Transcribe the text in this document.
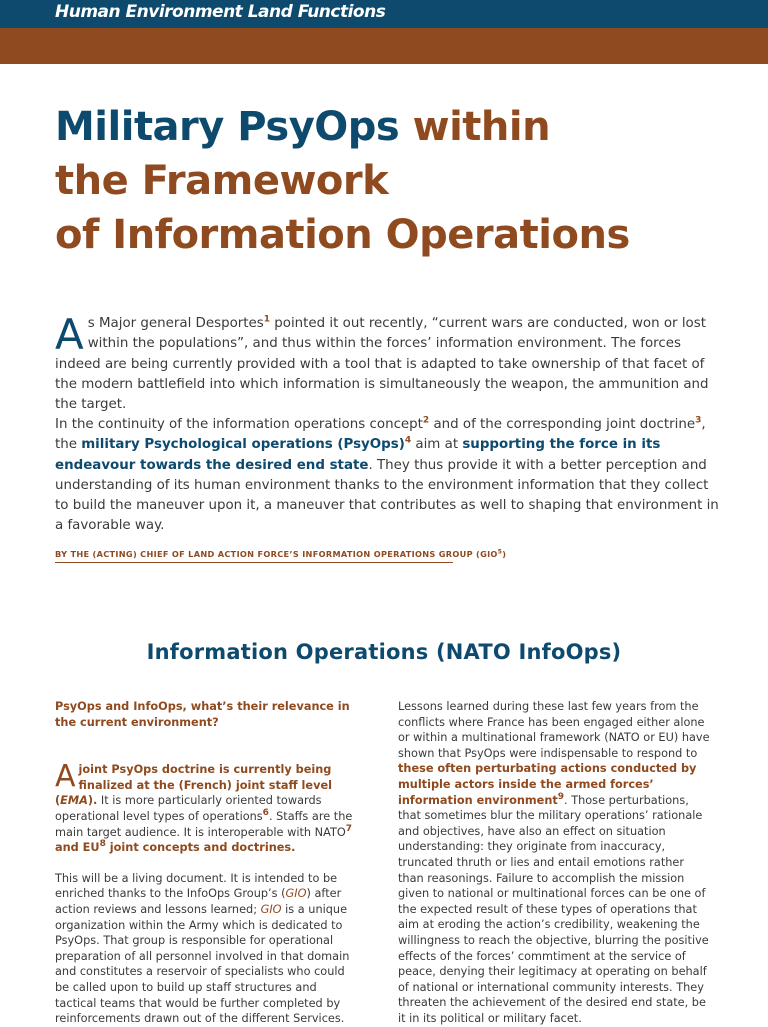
Human Environment Land Functions
Military PsyOps within
the Framework
of Information Operations

As Major general Desportes$^1$ pointed it out recently, “current wars are conducted, won or lost within the populations”, and thus within the forces’ information environment. The forces indeed are being currently provided with a tool that is adapted to take ownership of that facet of the modern battlefield into which information is simultaneously the weapon, the ammunition and the target.

In the continuity of the information operations concept$^2$ and of the corresponding joint doctrine$^3$, the military Psychological operations (PsyOps)$^4$ aim at supporting the force in its endeavour towards the desired end state. They thus provide it with a better perception and understanding of its human environment thanks to the environment information that they collect to build the maneuver upon it, a maneuver that contributes as well to shaping that environment in a favorable way.

BY THE (ACTING) CHIEF OF LAND ACTION FORCE’S INFORMATION OPERATIONS GROUP (GIO$^5$)
Information Operations (NATO InfoOps)

PsyOps and InfoOps, what’s their relevance in the current environment?

A joint PsyOps doctrine is currently being finalized at the (French) joint staff level (EMA). It is more particularly oriented towards operational level types of operations$^6$. Staffs are the main target audience. It is interoperable with NATO$^7$ and $EU^8$ joint concepts and doctrines.

This will be a living document. It is intended to be enriched thanks to the InfoOps Group’s (GIO) after action reviews and lessons learned; GIO is a unique organization within the Army which is dedicated to PsyOps. That group is responsible for operational preparation of all personnel involved in that domain and constitutes a reservoir of specialists who could be called upon to build up staff structures and tactical teams that would be further completed by reinforcements drawn out of the different Services.

Lessons learned during these last few years from the conflicts where France has been engaged either alone or within a multinational framework (NATO or EU) have shown that PsyOps were indispensable to respond to these often perturbating actions conducted by multiple actors inside the armed forces’ information environment$^9$. Those perturbations, that sometimes blur the military operations’ rationale and objectives, have also an effect on situation understanding: they originate from inaccuracy, truncated thruth or lies and entail emotions rather than reasonings. Failure to accomplish the mission given to national or multinational forces can be one of the expected result of these types of operations that aim at eroding the action’s credibility, weakening the willingness to reach the objective, blurring the positive effects of the forces’ commtiment at the service of peace, denying their legitimacy at operating on behalf of national or international community interests. They threaten the achievement of the desired end state, be it in its political or military facet.
